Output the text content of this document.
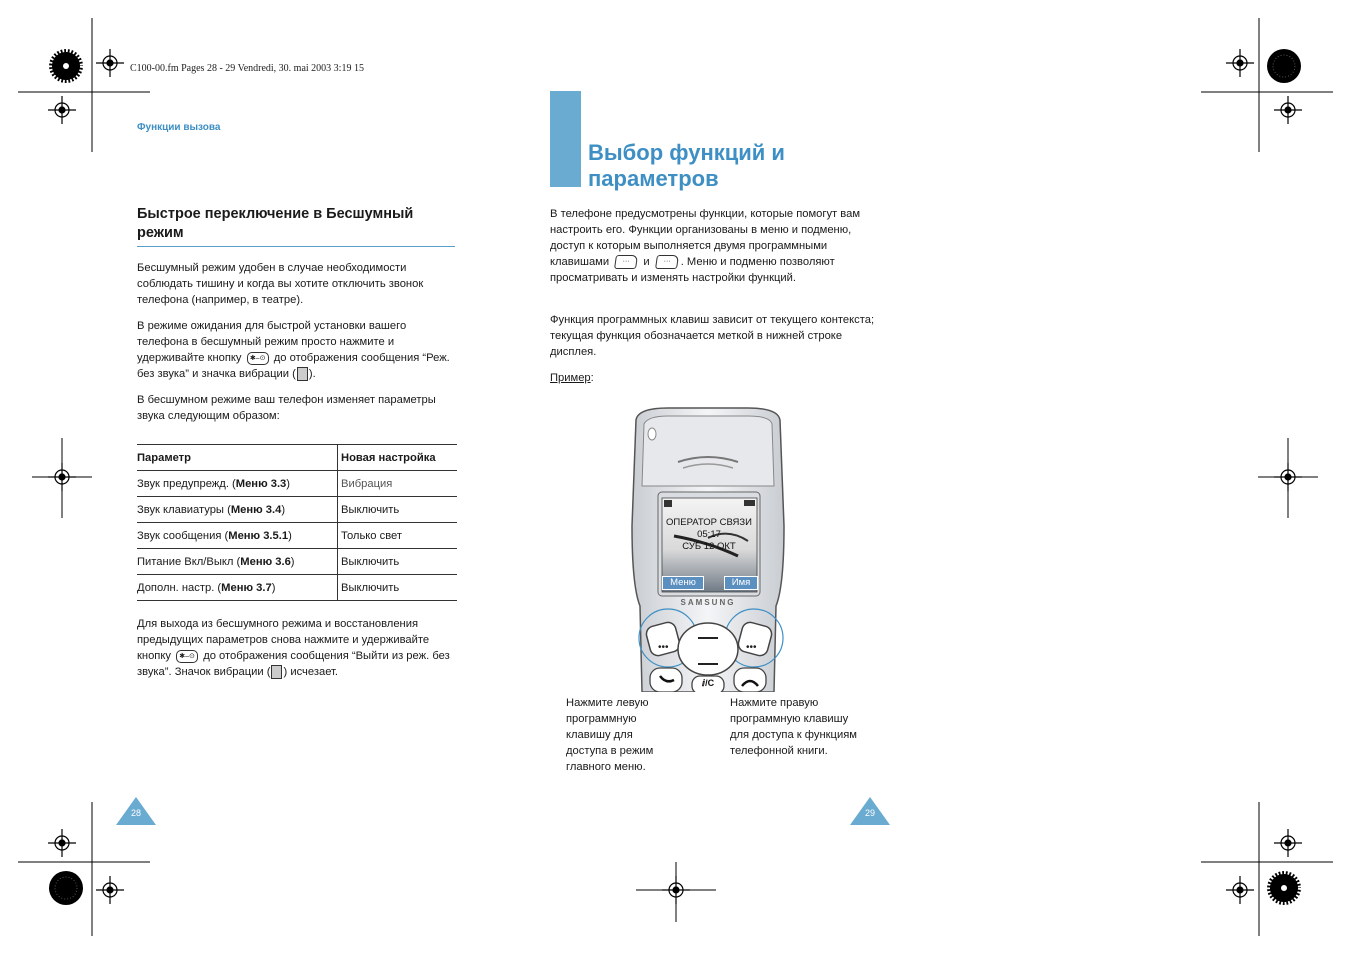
C100-00.fm Pages 28 - 29 Vendredi, 30. mai 2003 3:19 15
Функции вызова
Быстрое переключение в Бесшумный режим

Бесшумный режим удобен в случае необходимости соблюдать тишину и когда вы хотите отключить звонок телефона (например, в театре).

В режиме ожидания для быстрой установки вашего телефона в бесшумный режим просто нажмите и удерживайте кнопку ✱–⊙ до отображения сообщения “Реж. без звука” и значка вибрации ( ).

В бесшумном режиме ваш телефон изменяет параметры звука следующим образом:

Параметр	Новая настройка
Звук предупрежд. (Меню 3.3)	Вибрация
Звук клавиатуры (Меню 3.4)	Выключить
Звук сообщения (Меню 3.5.1)	Только свет
Питание Вкл/Выкл (Меню 3.6)	Выключить
Дополн. настр. (Меню 3.7)	Выключить

Для выхода из бесшумного режима и восстановления предыдущих параметров снова нажмите и удерживайте кнопку ✱–⊙ до отображения сообщения “Выйти из реж. без звука”. Значок вибрации ( ) исчезает.

28
Выбор функций и
параметров

В телефоне предусмотрены функции, которые помогут вам настроить его. Функции организованы в меню и подменю, доступ к которым выполняется двумя программными клавишами ··· и ··· . Меню и подменю позволяют просматривать и изменять настройки функций.

Функция программных клавиш зависит от текущего контекста; текущая функция обозначается меткой в нижней строке дисплея.

Пример:

•••	•••
ОПЕРАТОР СВЯЗИ
05:17
СУБ 12 ОКТ
Меню	Имя
SAMSUNG
ⅈ/C

Нажмите левую программную клавишу для доступа в режим главного меню.

Нажмите правую программную клавишу для доступа к функциям телефонной книги.

29
